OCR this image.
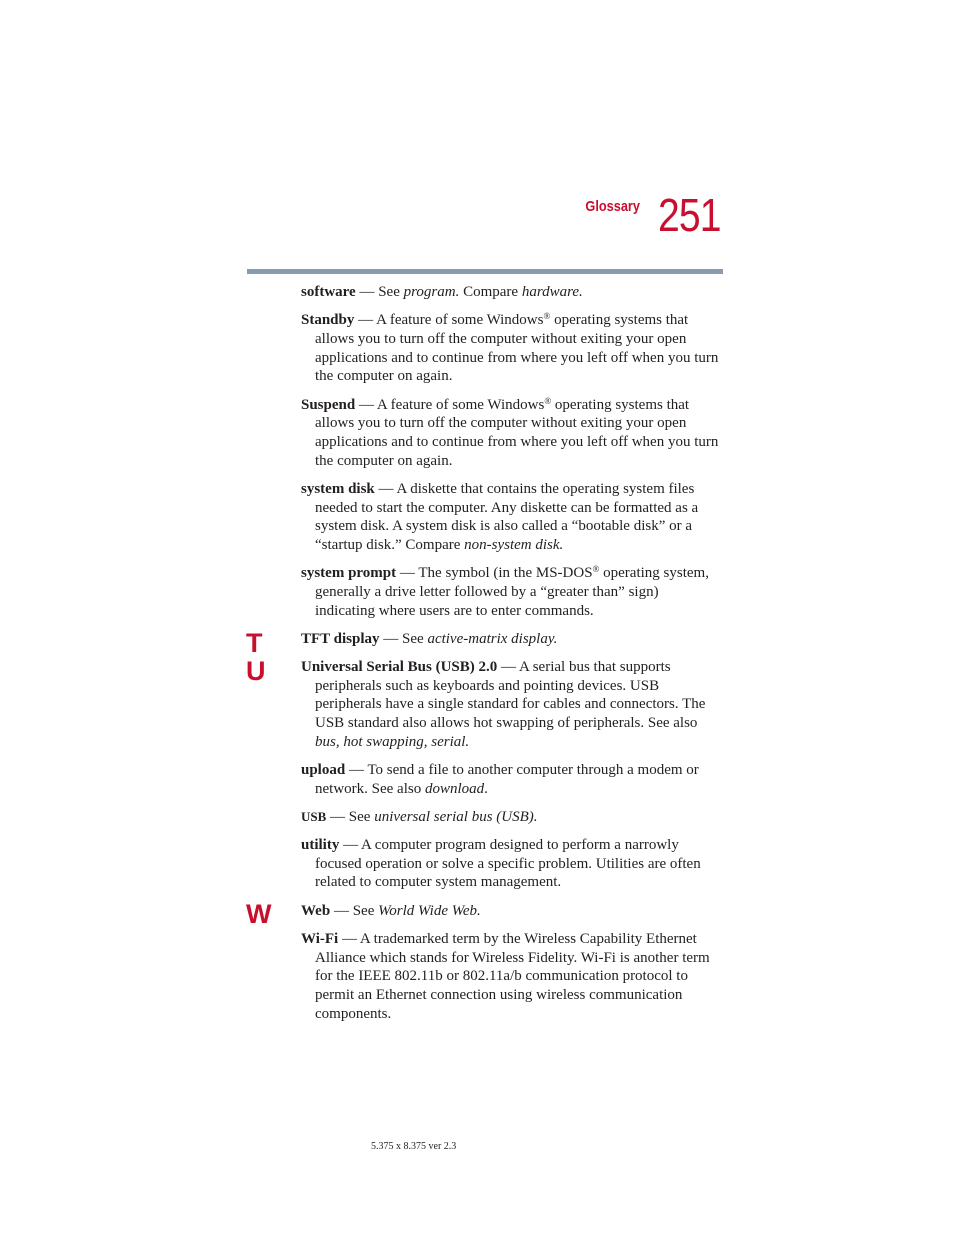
Glossary 251
T
U
W

software — See program. Compare hardware.

Standby — A feature of some Windows® operating systems that allows you to turn off the computer without exiting your open applications and to continue from where you left off when you turn the computer on again.

Suspend — A feature of some Windows® operating systems that allows you to turn off the computer without exiting your open applications and to continue from where you left off when you turn the computer on again.

system disk — A diskette that contains the operating system files needed to start the computer. Any diskette can be formatted as a system disk. A system disk is also called a “bootable disk” or a “startup disk.” Compare non-system disk.

system prompt — The symbol (in the MS-DOS® operating system, generally a drive letter followed by a “greater than” sign) indicating where users are to enter commands.

TFT display — See active-matrix display.

Universal Serial Bus (USB) 2.0 — A serial bus that supports peripherals such as keyboards and pointing devices. USB peripherals have a single standard for cables and connectors. The USB standard also allows hot swapping of peripherals. See also bus, hot swapping, serial.

upload — To send a file to another computer through a modem or network. See also download.

USB — See universal serial bus (USB).

utility — A computer program designed to perform a narrowly focused operation or solve a specific problem. Utilities are often related to computer system management.

Web — See World Wide Web.

Wi-Fi — A trademarked term by the Wireless Capability Ethernet Alliance which stands for Wireless Fidelity. Wi-Fi is another term for the IEEE 802.11b or 802.11a/b communication protocol to permit an Ethernet connection using wireless communication components.

5.375 x 8.375 ver 2.3
